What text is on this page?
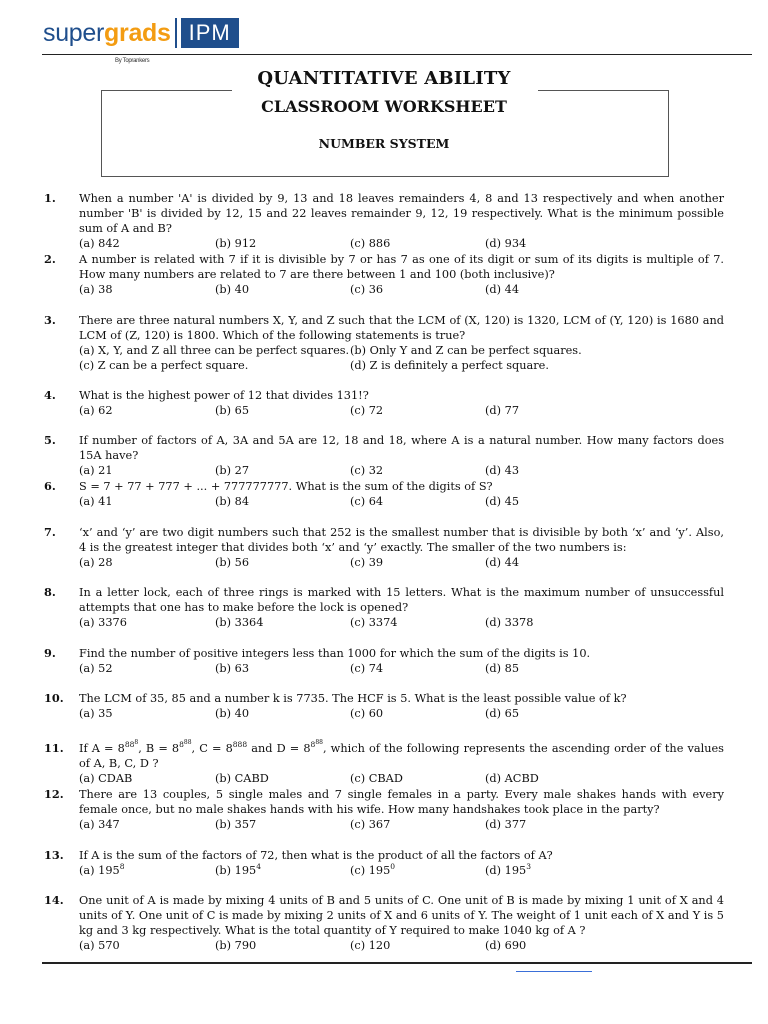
supergrads
By Toprankers
IPM
QUANTITATIVE ABILITY
CLASSROOM WORKSHEET
NUMBER SYSTEM
1. When a number 'A' is divided by 9, 13 and 18 leaves remainders 4, 8 and 13 respectively and when another number 'B' is divided by 12, 15 and 22 leaves remainder 9, 12, 19 respectively. What is the minimum possible sum of A and B?
(a) 842	(b) 912	(c) 886	(d) 934
2. A number is related with 7 if it is divisible by 7 or has 7 as one of its digit or sum of its digits is multiple of 7. How many numbers are related to 7 are there between 1 and 100 (both inclusive)?
(a) 38	(b) 40	(c) 36	(d) 44
3. There are three natural numbers X, Y, and Z such that the LCM of (X, 120) is 1320, LCM of (Y, 120) is 1680 and LCM of (Z, 120) is 1800. Which of the following statements is true?
(a) X, Y, and Z all three can be perfect squares. (b) Only Y and Z can be perfect squares.
(c) Z can be a perfect square.	(d) Z is definitely a perfect square.
4. What is the highest power of 12 that divides 131!?
(a) 62	(b) 65	(c) 72	(d) 77
5. If number of factors of A, 3A and 5A are 12, 18 and 18, where A is a natural number. How many factors does 15A have?
(a) 21	(b) 27	(c) 32	(d) 43
6. S = 7 + 77 + 777 + ... + 777777777. What is the sum of the digits of S?
(a) 41	(b) 84	(c) 64	(d) 45
7. ‘x’ and ‘y’ are two digit numbers such that 252 is the smallest number that is divisible by both ‘x’ and ‘y’. Also, 4 is the greatest integer that divides both ‘x’ and ‘y’ exactly. The smaller of the two numbers is:
(a) 28	(b) 56	(c) 39	(d) 44
8. In a letter lock, each of three rings is marked with 15 letters. What is the maximum number of unsuccessful attempts that one has to make before the lock is opened?
(a) 3376	(b) 3364	(c) 3374	(d) 3378
9. Find the number of positive integers less than 1000 for which the sum of the digits is 10.
(a) 52	(b) 63	(c) 74	(d) 85
10. The LCM of 35, 85 and a number k is 7735. The HCF is 5. What is the least possible value of k?
(a) 35	(b) 40	(c) 60	(d) 65
11. If $A = 8^{88^8}$, $B = 8^{8^{88}}$, $C = 8^{888}$ and $D = 8^{8^{88}}$, which of the following represents the ascending order of the values of A, B, C, D ?
(a) CDAB	(b) CABD	(c) CBAD	(d) ACBD
12. There are 13 couples, 5 single males and 7 single females in a party. Every male shakes hands with every female once, but no male shakes hands with his wife. How many handshakes took place in the party?
(a) 347	(b) 357	(c) 367	(d) 377
13. If A is the sum of the factors of 72, then what is the product of all the factors of A?
(a) $195^8$	(b) $195^4$	(c) $195^0$	(d) $195^3$
14. One unit of A is made by mixing 4 units of B and 5 units of C. One unit of B is made by mixing 1 unit of X and 4 units of Y. One unit of C is made by mixing 2 units of X and 6 units of Y. The weight of 1 unit each of X and Y is 5 kg and 3 kg respectively. What is the total quantity of Y required to make 1040 kg of A ?
(a) 570	(b) 790	(c) 120	(d) 690
